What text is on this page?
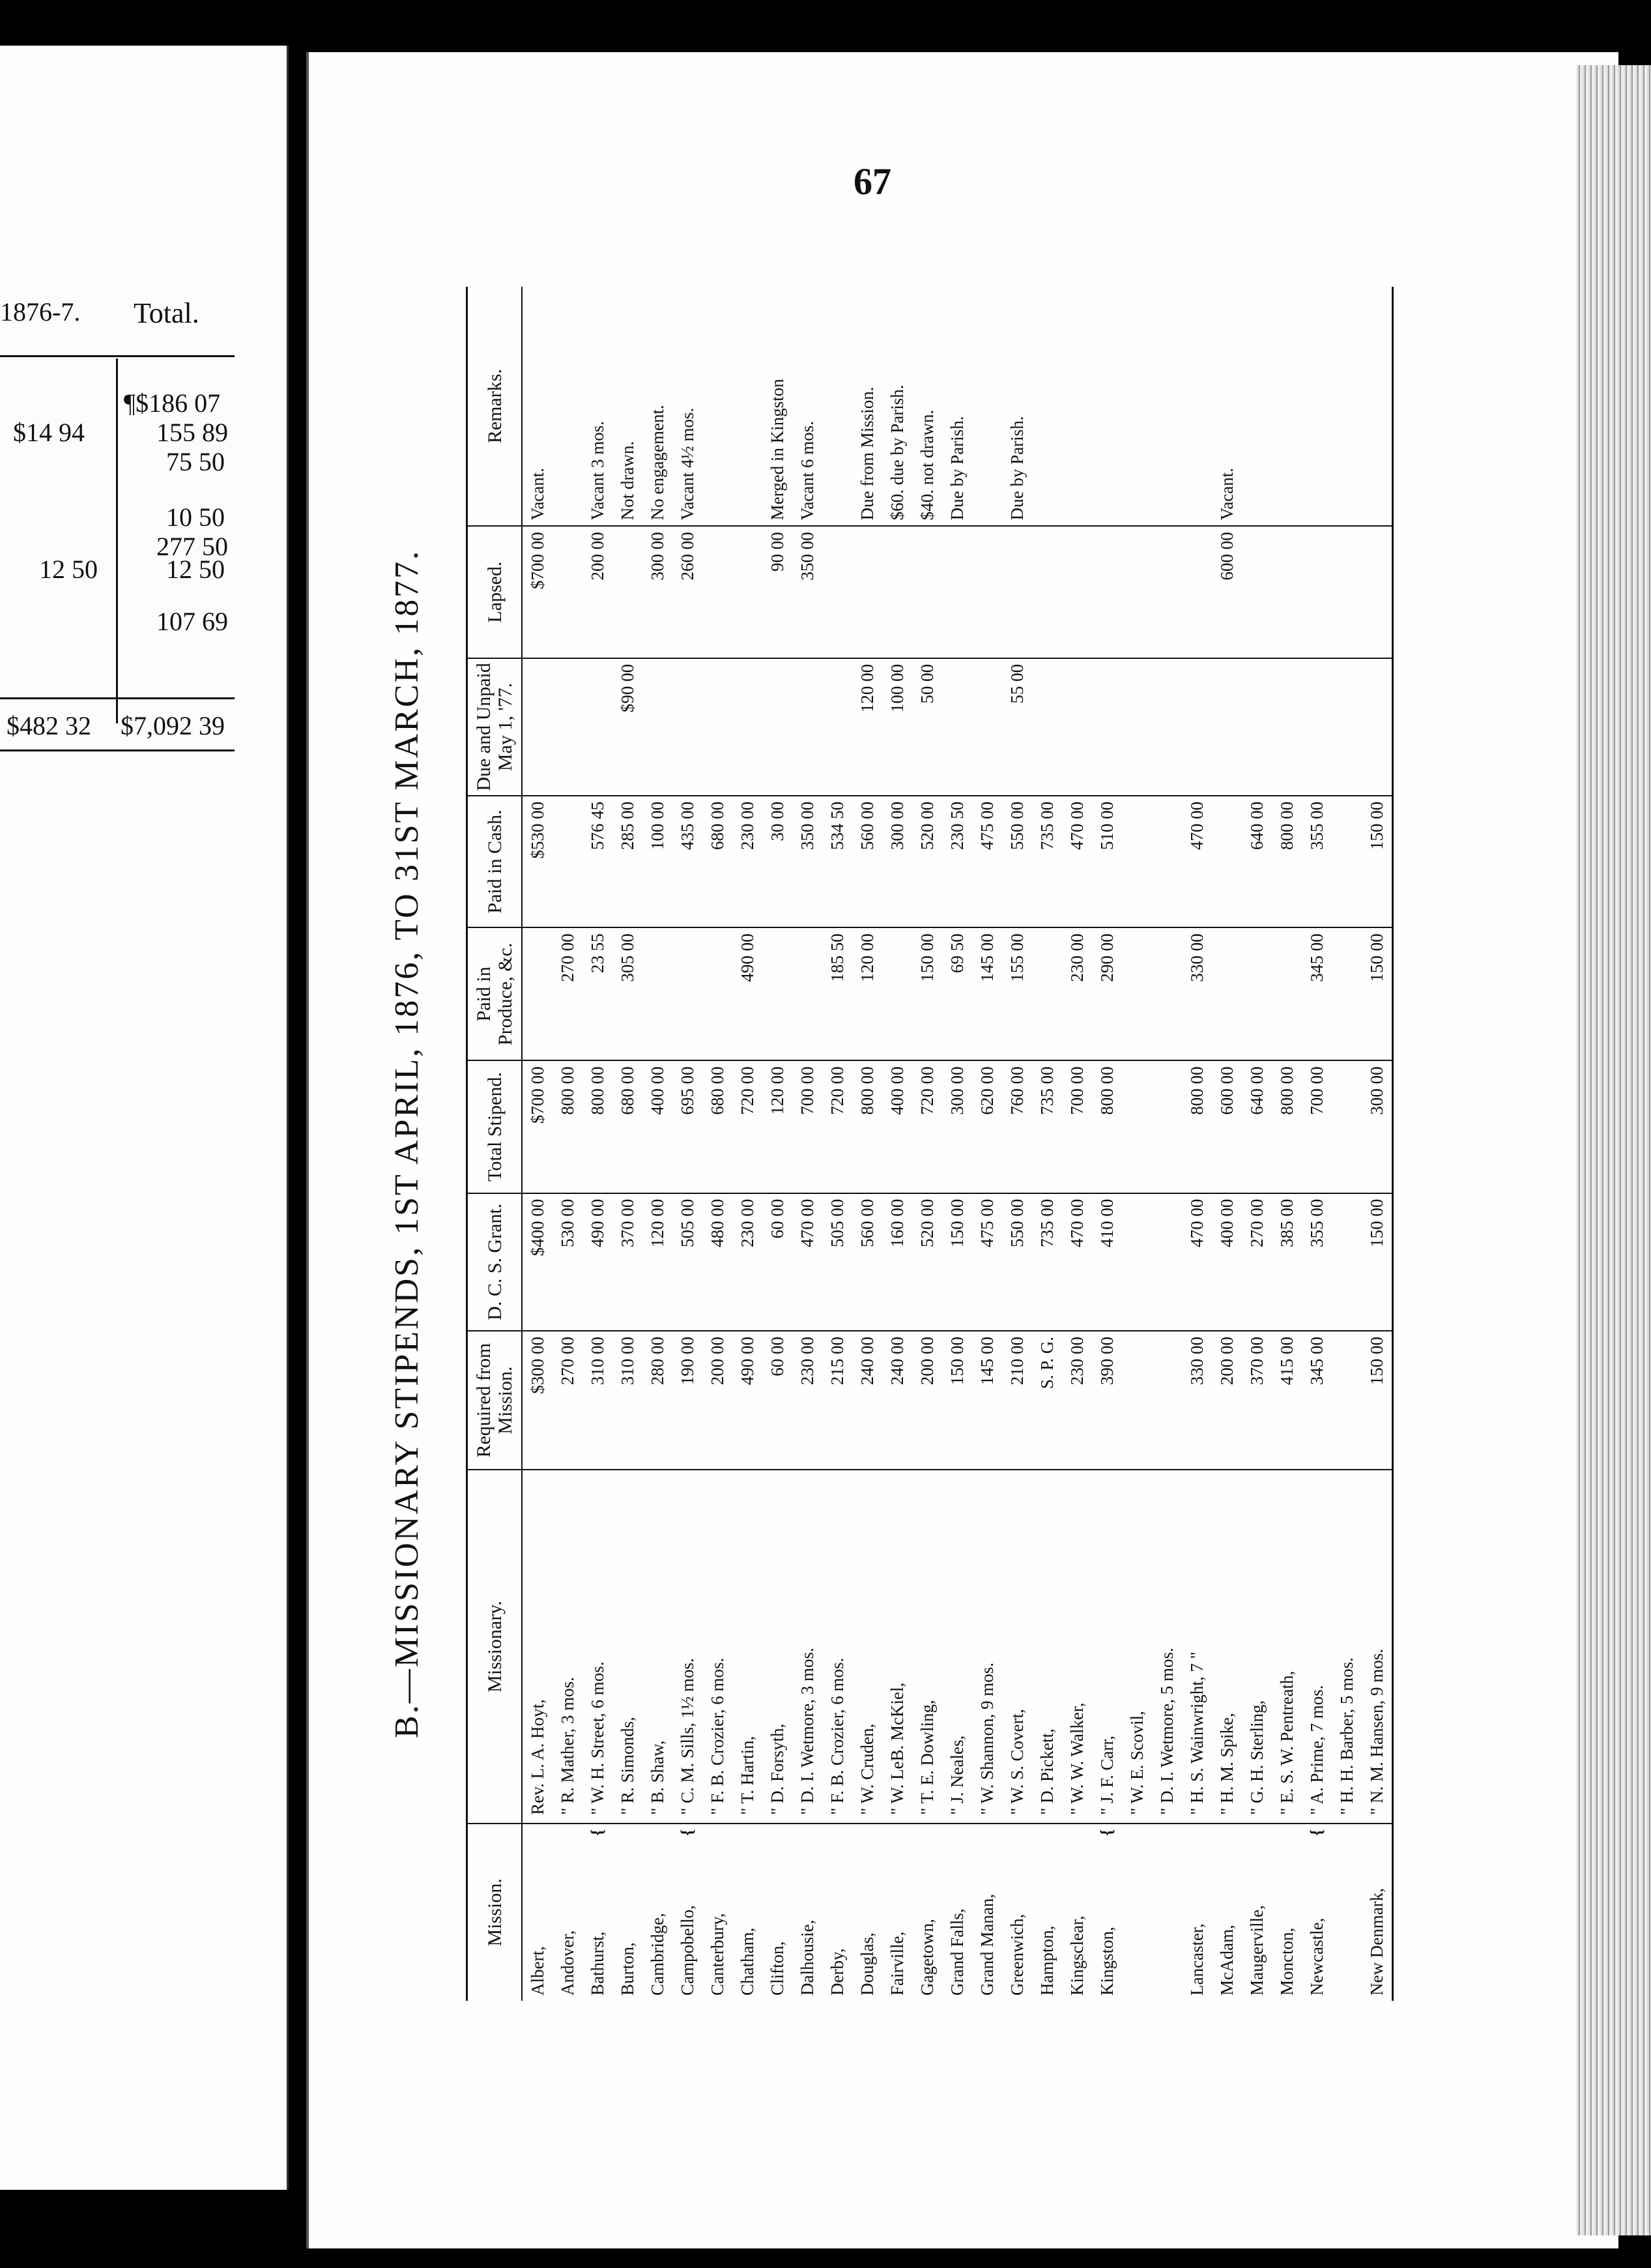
1876-7. Total.
$14 94
12 50
¶$186 07
155 89
75 50
10 50
277 50
12 50
107 69
$482 32 $7,092 39
67
B.—MISSIONARY STIPENDS, 1ST APRIL, 1876, TO 31ST MARCH, 1877.
Mission.	Missionary.	Required from Mission.	D. C. S. Grant.	Total Stipend.	Paid in Produce, &c.	Paid in Cash.	Due and Unpaid May 1, '77.	Lapsed.	Remarks.
Albert,	Rev. L. A. Hoyt,	$300 00	$400 00	$700 00		$530 00		$700 00	Vacant.
Andover,	" R. Mather, 3 mos.	270 00	530 00	800 00	270 00				
Bathurst,
{	" W. H. Street, 6 mos.	310 00	490 00	800 00	23 55	576 45		200 00	Vacant 3 mos.
Burton,	" R. Simonds,	310 00	370 00	680 00	305 00	285 00	$90 00		Not drawn.
Cambridge,	" B. Shaw,	280 00	120 00	400 00		100 00		300 00	No engagement.
Campobello,
{	" C. M. Sills, 1½ mos.	190 00	505 00	695 00		435 00		260 00	Vacant 4½ mos.
Canterbury,	" F. B. Crozier, 6 mos.	200 00	480 00	680 00		680 00			
Chatham,	" T. Hartin,	490 00	230 00	720 00	490 00	230 00			
Clifton,	" D. Forsyth,	60 00	60 00	120 00		30 00		90 00	Merged in Kingston
Dalhousie,	" D. I. Wetmore, 3 mos.	230 00	470 00	700 00		350 00		350 00	Vacant 6 mos.
Derby,	" F. B. Crozier, 6 mos.	215 00	505 00	720 00	185 50	534 50			
Douglas,	" W. Cruden,	240 00	560 00	800 00	120 00	560 00	120 00		Due from Mission.
Fairville,	" W. LeB. McKiel,	240 00	160 00	400 00		300 00	100 00		$60. due by Parish.
Gagetown,	" T. E. Dowling,	200 00	520 00	720 00	150 00	520 00	50 00		$40. not drawn.
Grand Falls,	" J. Neales,	150 00	150 00	300 00	69 50	230 50			Due by Parish.
Grand Manan,	" W. Shannon, 9 mos.	145 00	475 00	620 00	145 00	475 00			
Greenwich,	" W. S. Covert,	210 00	550 00	760 00	155 00	550 00	55 00		Due by Parish.
Hampton,	" D. Pickett,	S. P. G.	735 00	735 00		735 00			
Kingsclear,	" W. W. Walker,	230 00	470 00	700 00	230 00	470 00			
Kingston,
{	" J. F. Carr,	390 00	410 00	800 00	290 00	510 00			

	" W. E. Scovil,								

	" D. I. Wetmore, 5 mos.								
Lancaster,	" H. S. Wainwright, 7 "	330 00	470 00	800 00	330 00	470 00			
McAdam,	" H. M. Spike,	200 00	400 00	600 00				600 00	Vacant.
Maugerville,	" G. H. Sterling,	370 00	270 00	640 00		640 00			
Moncton,	" E. S. W. Pentreath,	415 00	385 00	800 00		800 00			
Newcastle,
{	" A. Prime, 7 mos.	345 00	355 00	700 00	345 00	355 00			

	" H. H. Barber, 5 mos.								
New Denmark,	" N. M. Hansen, 9 mos.	150 00	150 00	300 00	150 00	150 00			
